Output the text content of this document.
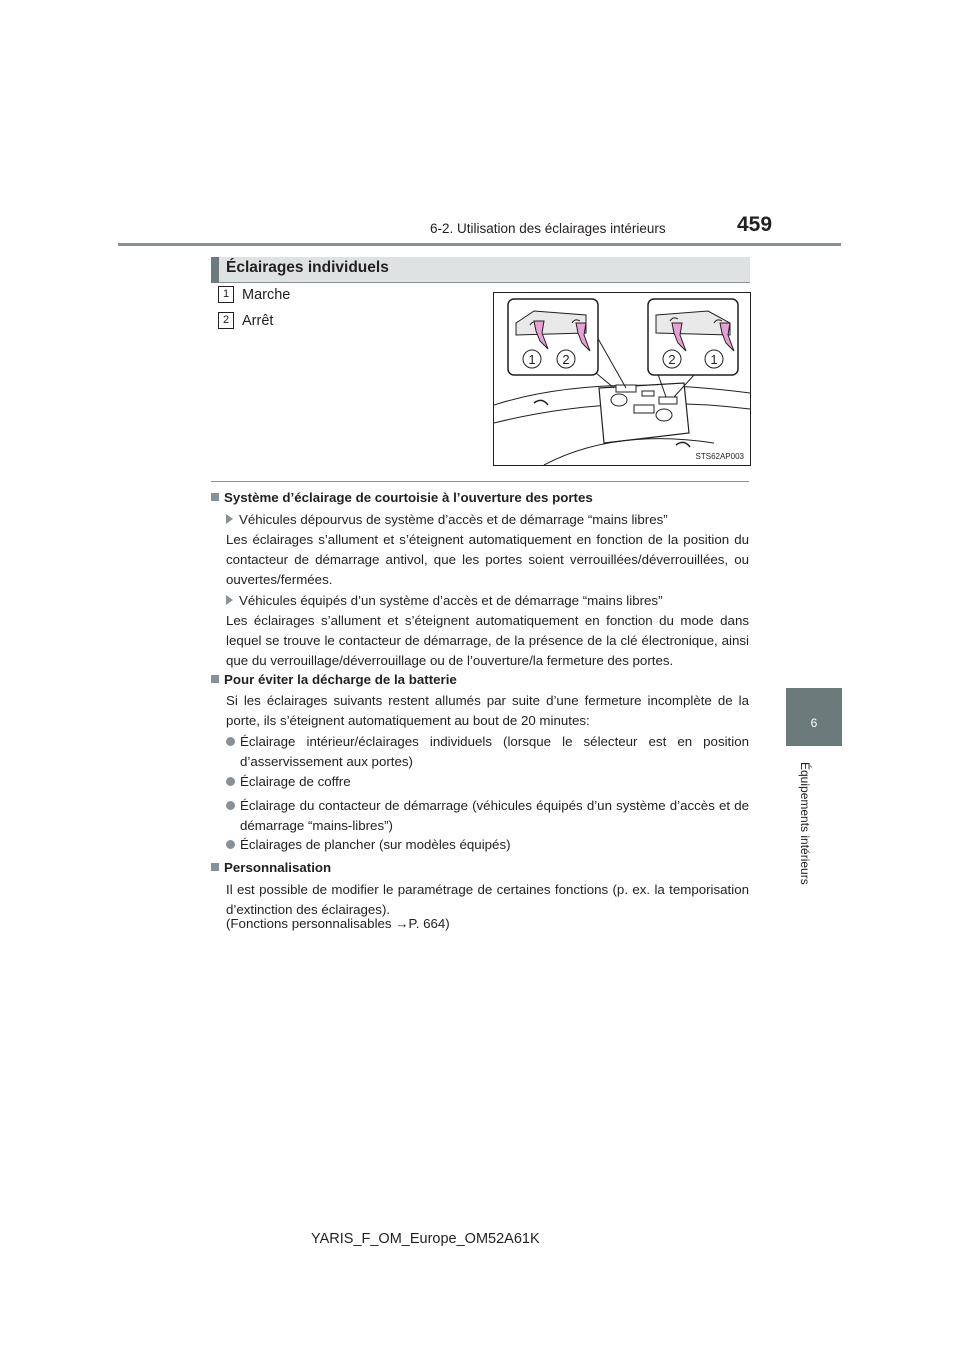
6-2. Utilisation des éclairages intérieurs	459
6
Équipements intérieurs
Éclairages individuels
1 Marche
2 Arrêt
1 2	2	1
STS62AP003
Système d’éclairage de courtoisie à l’ouverture des portes
Véhicules dépourvus de système d’accès et de démarrage “mains libres”
Les éclairages s’allument et s’éteignent automatiquement en fonction de la position du contacteur de démarrage antivol, que les portes soient verrouillées/déverrouillées, ou ouvertes/fermées.
Véhicules équipés d’un système d’accès et de démarrage “mains libres”
Les éclairages s’allument et s’éteignent automatiquement en fonction du mode dans lequel se trouve le contacteur de démarrage, de la présence de la clé électronique, ainsi que du verrouillage/déverrouillage ou de l’ouverture/la fermeture des portes.
Pour éviter la décharge de la batterie
Si les éclairages suivants restent allumés par suite d’une fermeture incomplète de la porte, ils s’éteignent automatiquement au bout de 20 minutes:
Éclairage intérieur/éclairages individuels (lorsque le sélecteur est en position d’asservissement aux portes)
Éclairage de coffre
Éclairage du contacteur de démarrage (véhicules équipés d’un système d’accès et de démarrage “mains-libres”)
Éclairages de plancher (sur modèles équipés)
Personnalisation
Il est possible de modifier le paramétrage de certaines fonctions (p. ex. la temporisation d’extinction des éclairages).
(Fonctions personnalisables →P. 664)
YARIS_F_OM_Europe_OM52A61K
